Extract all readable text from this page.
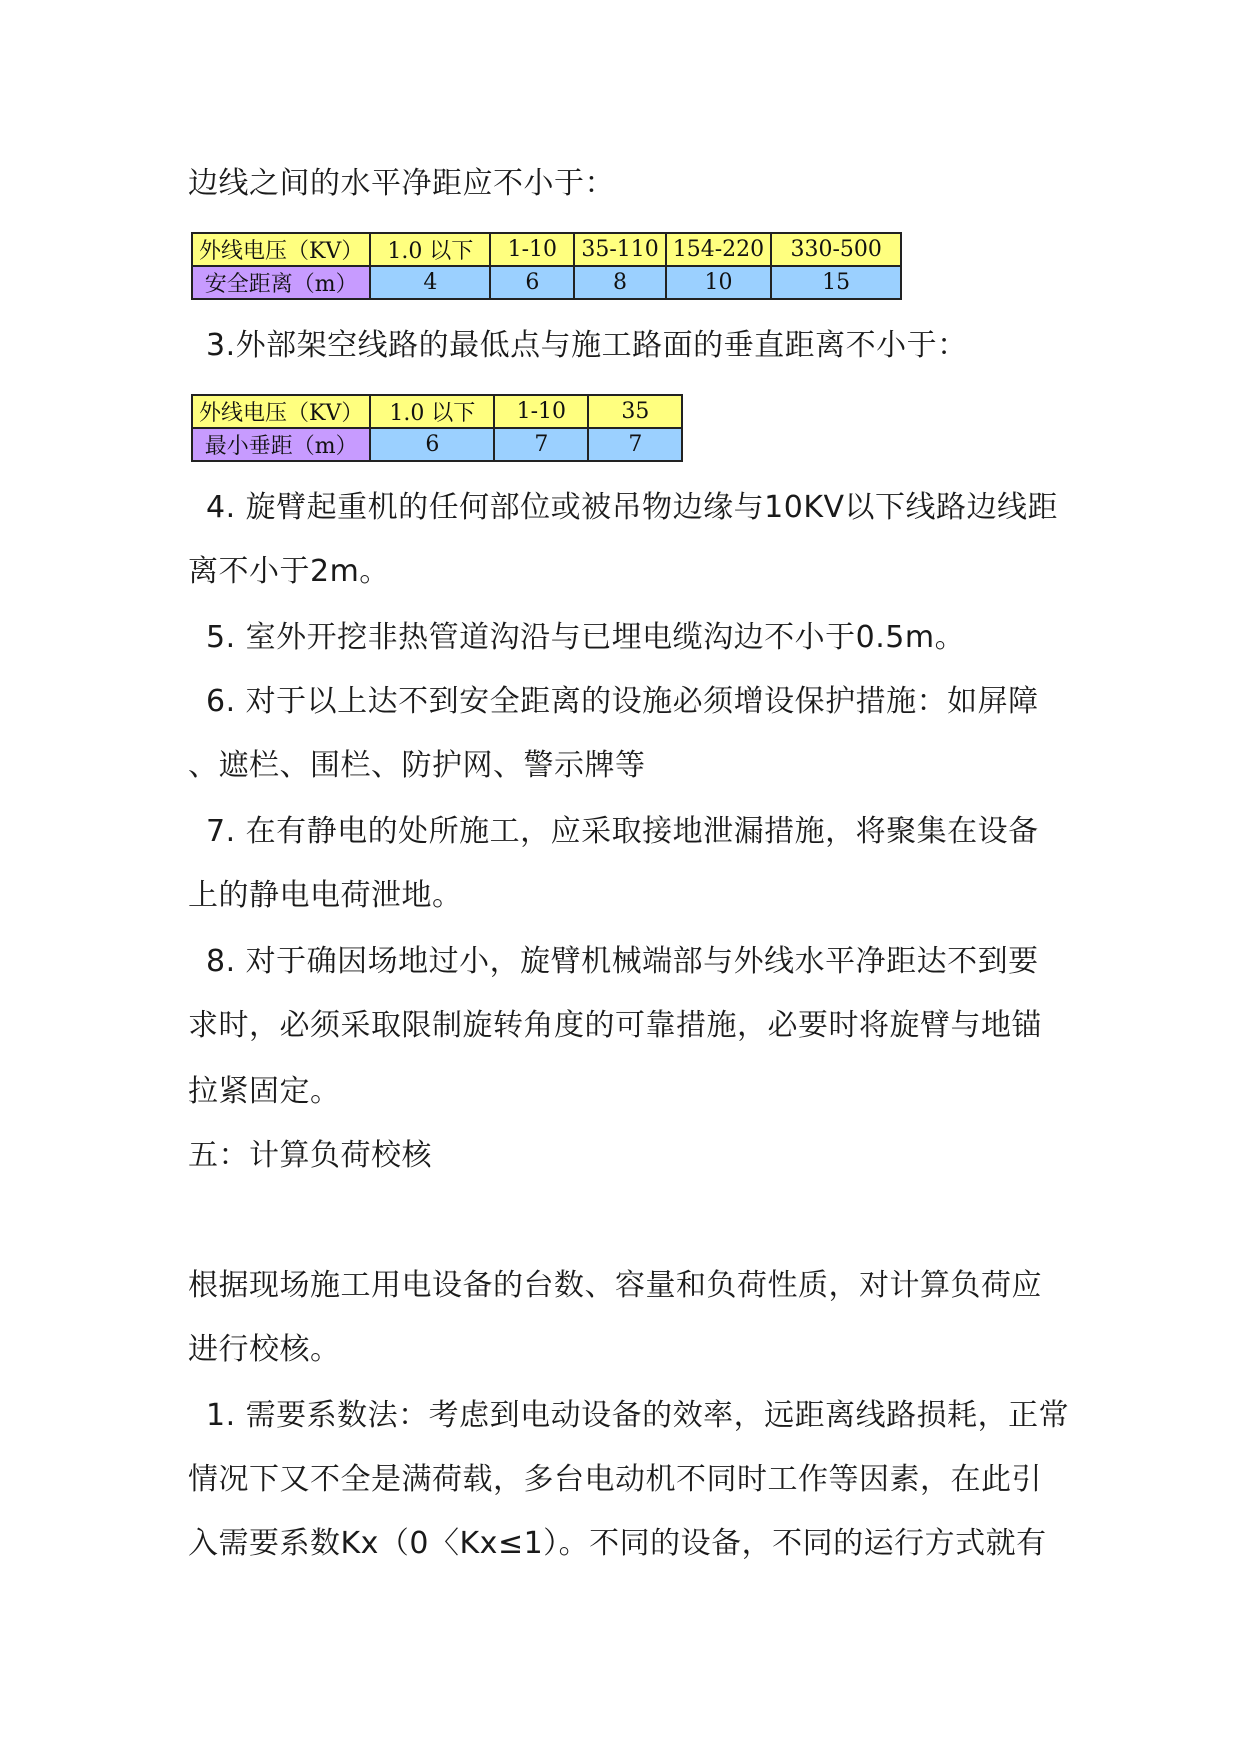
边线之间的水平净距应不小于：
外线电压（KV）	1.0 以下	1-10	35-110	154-220	330-500
安全距离（m）	4	6	8	10	15
3.外部架空线路的最低点与施工路面的垂直距离不小于：
外线电压（KV）	1.0 以下	1-10	35
最小垂距（m）	6	7	7
4. 旋臂起重机的任何部位或被吊物边缘与10KV以下线路边线距
离不小于2m。
5. 室外开挖非热管道沟沿与已埋电缆沟边不小于0.5m。
6. 对于以上达不到安全距离的设施必须增设保护措施：如屏障
、遮栏、围栏、防护网、警示牌等
7. 在有静电的处所施工，应采取接地泄漏措施，将聚集在设备
上的静电电荷泄地。
8. 对于确因场地过小，旋臂机械端部与外线水平净距达不到要
求时，必须采取限制旋转角度的可靠措施，必要时将旋臂与地锚
拉紧固定。
五：计算负荷校核
根据现场施工用电设备的台数、容量和负荷性质，对计算负荷应
进行校核。
1. 需要系数法：考虑到电动设备的效率，远距离线路损耗，正常
情况下又不全是满荷载，多台电动机不同时工作等因素，在此引
入需要系数Kx（0〈Kx≤1）。不同的设备，不同的运行方式就有
